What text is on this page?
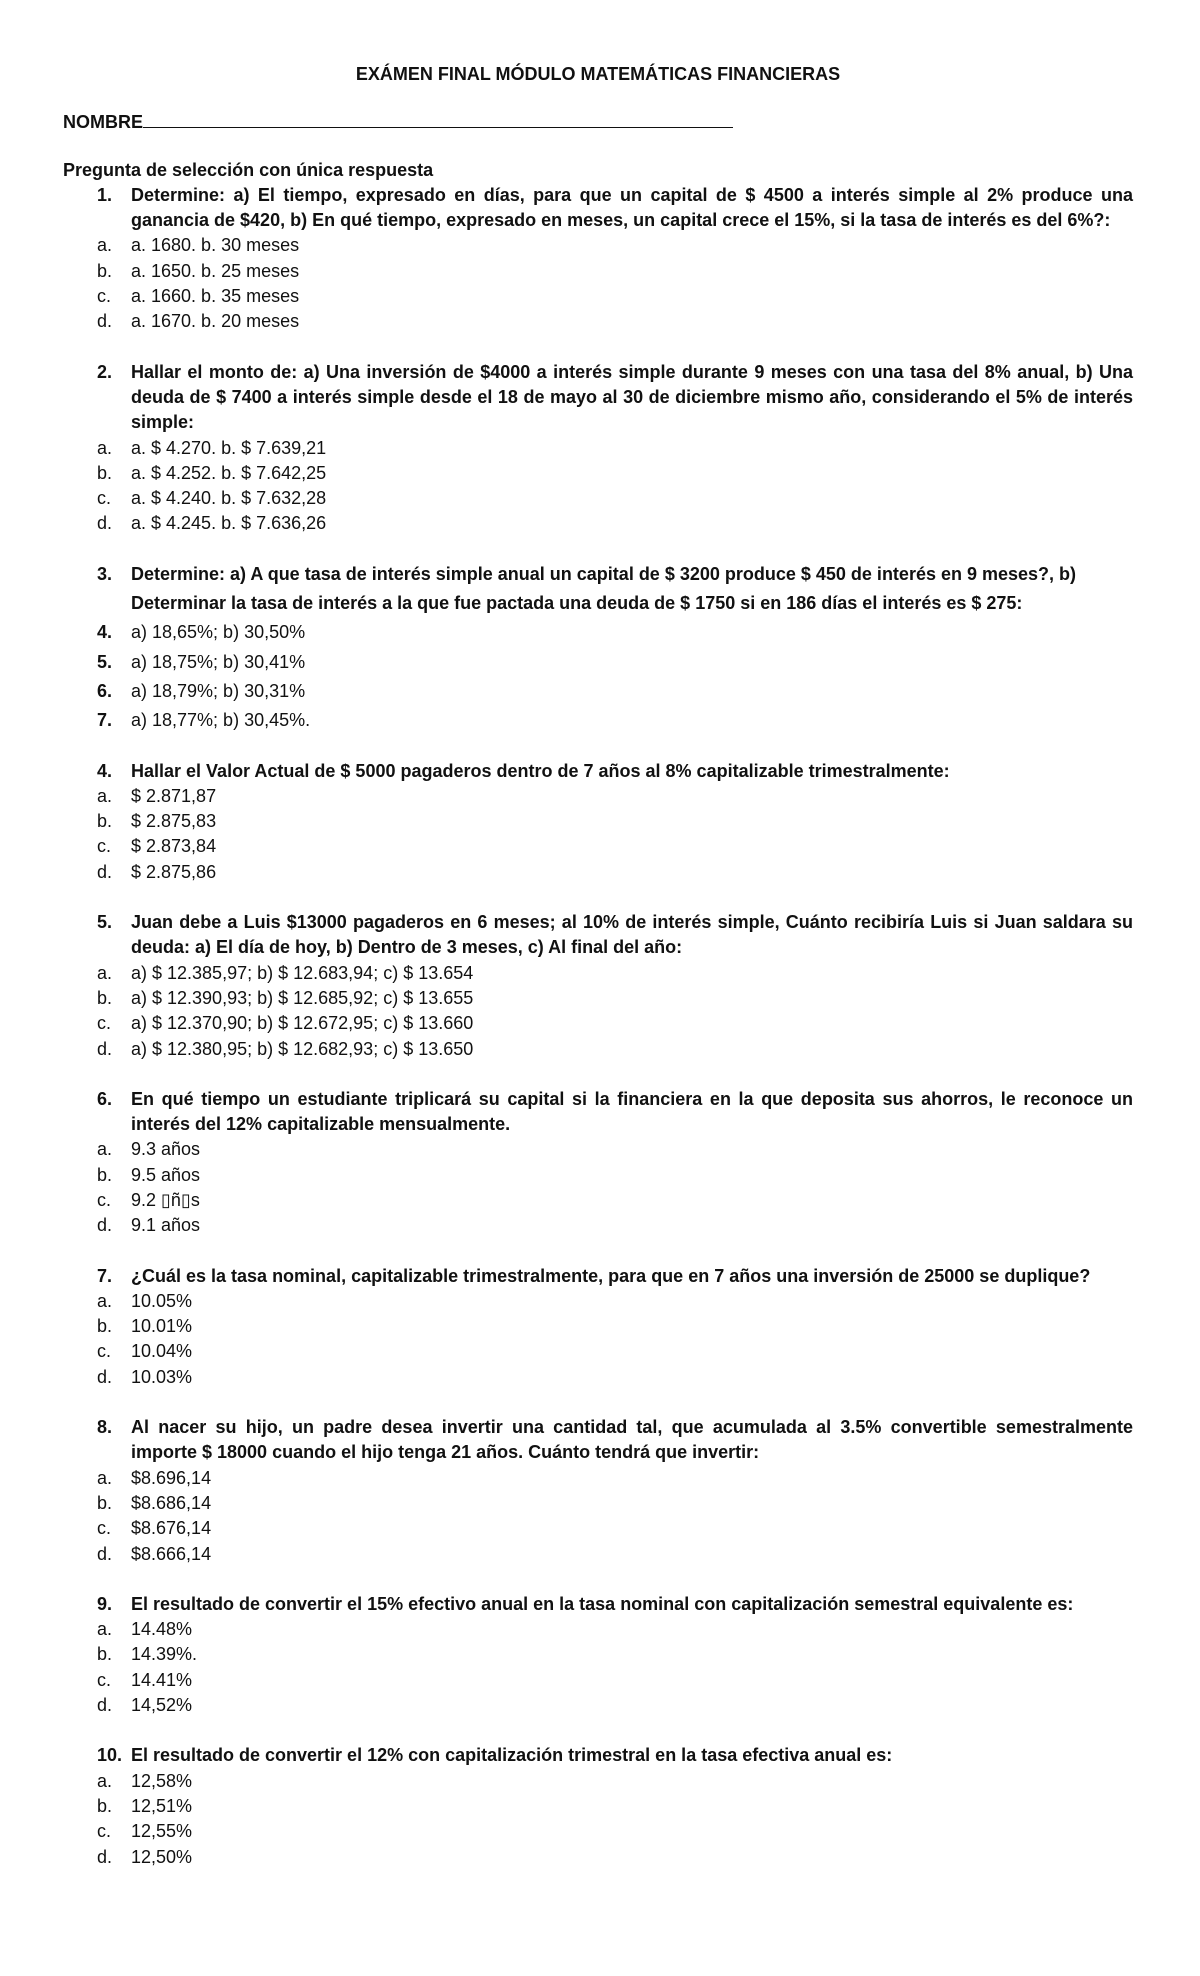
EXÁMEN FINAL MÓDULO MATEMÁTICAS FINANCIERAS

NOMBRE
Pregunta de selección con única respuesta
1.	Determine: a) El tiempo, expresado en días, para que un capital de $ 4500 a interés simple al 2% produce una ganancia de $420, b) En qué tiempo, expresado en meses, un capital crece el 15%, si la tasa de interés es del 6%?:
a.	a. 1680. b. 30 meses
b.	a. 1650. b. 25 meses
c.	a. 1660. b. 35 meses
d.	a. 1670. b. 20 meses
2.	Hallar el monto de: a) Una inversión de $4000 a interés simple durante 9 meses con una tasa del 8% anual, b) Una deuda de $ 7400 a interés simple desde el 18 de mayo al 30 de diciembre mismo año, considerando el 5% de interés simple:
a.	a. $ 4.270. b. $ 7.639,21
b.	a. $ 4.252. b. $ 7.642,25
c.	a. $ 4.240. b. $ 7.632,28
d.	a. $ 4.245. b. $ 7.636,26
3.	Determine: a) A que tasa de interés simple anual un capital de $ 3200 produce $ 450 de interés en 9 meses?, b)
Determinar la tasa de interés a la que fue pactada una deuda de $ 1750 si en 186 días el interés es $ 275:
4.	a) 18,65%; b) 30,50%
5.	a) 18,75%; b) 30,41%
6.	a) 18,79%; b) 30,31%
7.	a) 18,77%; b) 30,45%.
4.	Hallar el Valor Actual de $ 5000 pagaderos dentro de 7 años al 8% capitalizable trimestralmente:
a.	$ 2.871,87
b.	$ 2.875,83
c.	$ 2.873,84
d.	$ 2.875,86
5.	Juan debe a Luis $13000 pagaderos en 6 meses; al 10% de interés simple, Cuánto recibiría Luis si Juan saldara su deuda: a) El día de hoy, b) Dentro de 3 meses, c) Al final del año:
a.	a) $ 12.385,97; b) $ 12.683,94; c) $ 13.654
b.	a) $ 12.390,93; b) $ 12.685,92; c) $ 13.655
c.	a) $ 12.370,90; b) $ 12.672,95; c) $ 13.660
d.	a) $ 12.380,95; b) $ 12.682,93; c) $ 13.650
6.	En qué tiempo un estudiante triplicará su capital si la financiera en la que deposita sus ahorros, le reconoce un interés del 12% capitalizable mensualmente.
a.	9.3 años
b.	9.5 años
c.	9.2 ▯ñ▯s
d.	9.1 años
7.	¿Cuál es la tasa nominal, capitalizable trimestralmente, para que en 7 años una inversión de 25000 se duplique?
a.	10.05%
b.	10.01%
c.	10.04%
d.	10.03%
8.	Al nacer su hijo, un padre desea invertir una cantidad tal, que acumulada al 3.5% convertible semestralmente importe $ 18000 cuando el hijo tenga 21 años. Cuánto tendrá que invertir:
a.	$8.696,14
b.	$8.686,14
c.	$8.676,14
d.	$8.666,14
9.	El resultado de convertir el 15% efectivo anual en la tasa nominal con capitalización semestral equivalente es:
a.	14.48%
b.	14.39%.
c.	14.41%
d.	14,52%
10. El resultado de convertir el 12% con capitalización trimestral en la tasa efectiva anual es:
a.	12,58%
b.	12,51%
c.	12,55%
d.	12,50%
